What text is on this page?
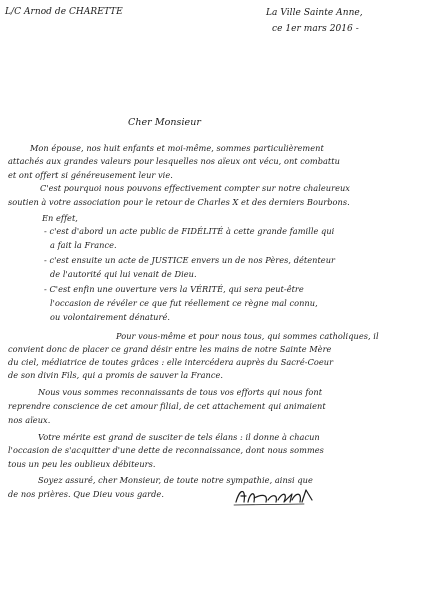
L/C Arnod de CHARETTE	La Ville Sainte Anne,
ce 1er mars 2016 -
Cher Monsieur
Mon épouse, nos huit enfants et moi-même, sommes particulièrement
attachés aux grandes valeurs pour lesquelles nos aïeux ont vécu, ont combattu
et ont offert si généreusement leur vie.
C'est pourquoi nous pouvons effectivement compter sur notre chaleureux
soutien à votre association pour le retour de Charles X et des derniers Bourbons.
En effet,
- c'est d'abord un acte public de FIDÉLITÉ à cette grande famille qui
a fait la France.
- c'est ensuite un acte de JUSTICE envers un de nos Pères, détenteur
de l'autorité qui lui venait de Dieu.
- C'est enfin une ouverture vers la VÉRITÉ, qui sera peut-être
l'occasion de révéler ce que fut réellement ce règne mal connu,
ou volontairement dénaturé.
Pour vous-même et pour nous tous, qui sommes catholiques, il
convient donc de placer ce grand désir entre les mains de notre Sainte Mère
du ciel, médiatrice de toutes grâces : elle intercédera auprès du Sacré-Coeur
de son divin Fils, qui a promis de sauver la France.
Nous vous sommes reconnaissants de tous vos efforts qui nous font
reprendre conscience de cet amour filial, de cet attachement qui animaient
nos aïeux.
Votre mérite est grand de susciter de tels élans : il donne à chacun
l'occasion de s'acquitter d'une dette de reconnaissance, dont nous sommes
tous un peu les oublieux débiteurs.
Soyez assuré, cher Monsieur, de toute notre sympathie, ainsi que
de nos prières. Que Dieu vous garde.
